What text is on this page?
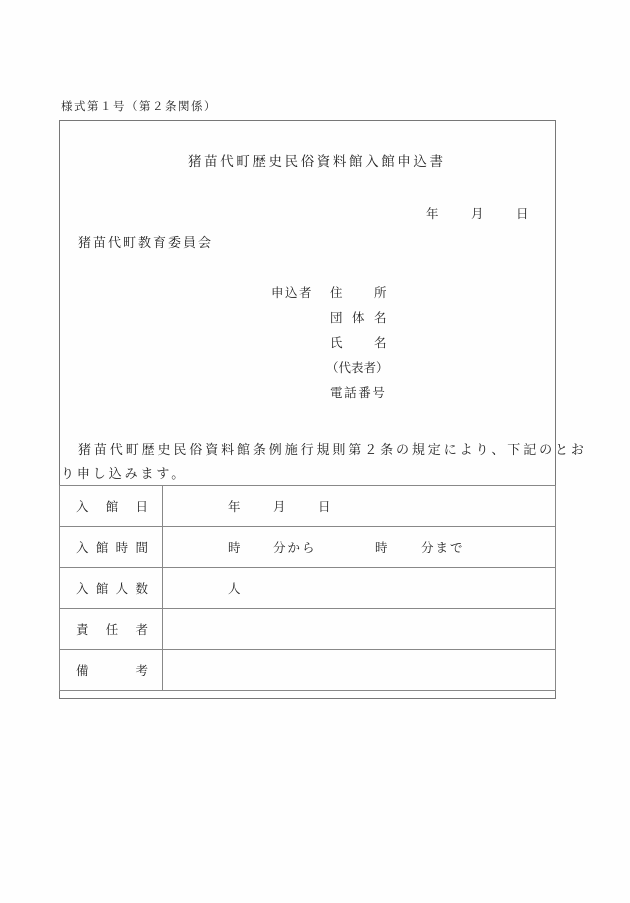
様式第１号（第２条関係）
猪苗代町歴史民俗資料館入館申込書
年	月	日
猪苗代町教育委員会
申込者 住	所
団 体 名
氏	名
（代表者）
電話番号
猪苗代町歴史民俗資料館条例施行規則第２条の規定により、下記のとお
り申し込みます。
入 館 日	年 月 日

入 館 時 間	時 分から 時 分まで

入 館 人 数	人

責 任 者	

備 考	
